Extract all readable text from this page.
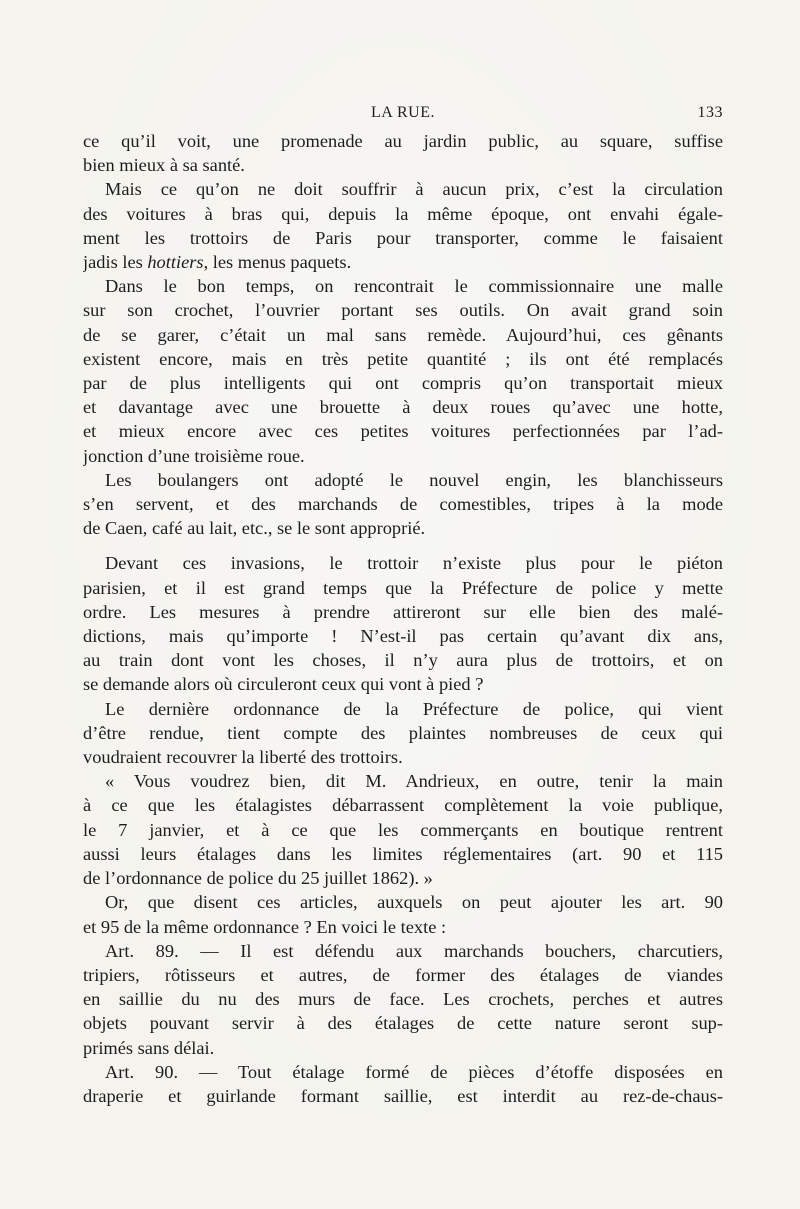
LA RUE.	133
ce qu’il voit, une promenade au jardin public, au square, suffise
bien mieux à sa santé.
Mais ce qu’on ne doit souffrir à aucun prix, c’est la circulation
des voitures à bras qui, depuis la même époque, ont envahi égale-
ment les trottoirs de Paris pour transporter, comme le faisaient
jadis les hottiers, les menus paquets.
Dans le bon temps, on rencontrait le commissionnaire une malle
sur son crochet, l’ouvrier portant ses outils. On avait grand soin
de se garer, c’était un mal sans remède. Aujourd’hui, ces gênants
existent encore, mais en très petite quantité ; ils ont été remplacés
par de plus intelligents qui ont compris qu’on transportait mieux
et davantage avec une brouette à deux roues qu’avec une hotte,
et mieux encore avec ces petites voitures perfectionnées par l’ad-
jonction d’une troisième roue.
Les boulangers ont adopté le nouvel engin, les blanchisseurs
s’en servent, et des marchands de comestibles, tripes à la mode
de Caen, café au lait, etc., se le sont approprié.
Devant ces invasions, le trottoir n’existe plus pour le piéton
parisien, et il est grand temps que la Préfecture de police y mette
ordre. Les mesures à prendre attireront sur elle bien des malé-
dictions, mais qu’importe ! N’est-il pas certain qu’avant dix ans,
au train dont vont les choses, il n’y aura plus de trottoirs, et on
se demande alors où circuleront ceux qui vont à pied ?
Le dernière ordonnance de la Préfecture de police, qui vient
d’être rendue, tient compte des plaintes nombreuses de ceux qui
voudraient recouvrer la liberté des trottoirs.
« Vous voudrez bien, dit M. Andrieux, en outre, tenir la main
à ce que les étalagistes débarrassent complètement la voie publique,
le 7 janvier, et à ce que les commerçants en boutique rentrent
aussi leurs étalages dans les limites réglementaires (art. 90 et 115
de l’ordonnance de police du 25 juillet 1862). »
Or, que disent ces articles, auxquels on peut ajouter les art. 90
et 95 de la même ordonnance ? En voici le texte :
Art. 89. — Il est défendu aux marchands bouchers, charcutiers,
tripiers, rôtisseurs et autres, de former des étalages de viandes
en saillie du nu des murs de face. Les crochets, perches et autres
objets pouvant servir à des étalages de cette nature seront sup-
primés sans délai.
Art. 90. — Tout étalage formé de pièces d’étoffe disposées en
draperie et guirlande formant saillie, est interdit au rez-de-chaus-
